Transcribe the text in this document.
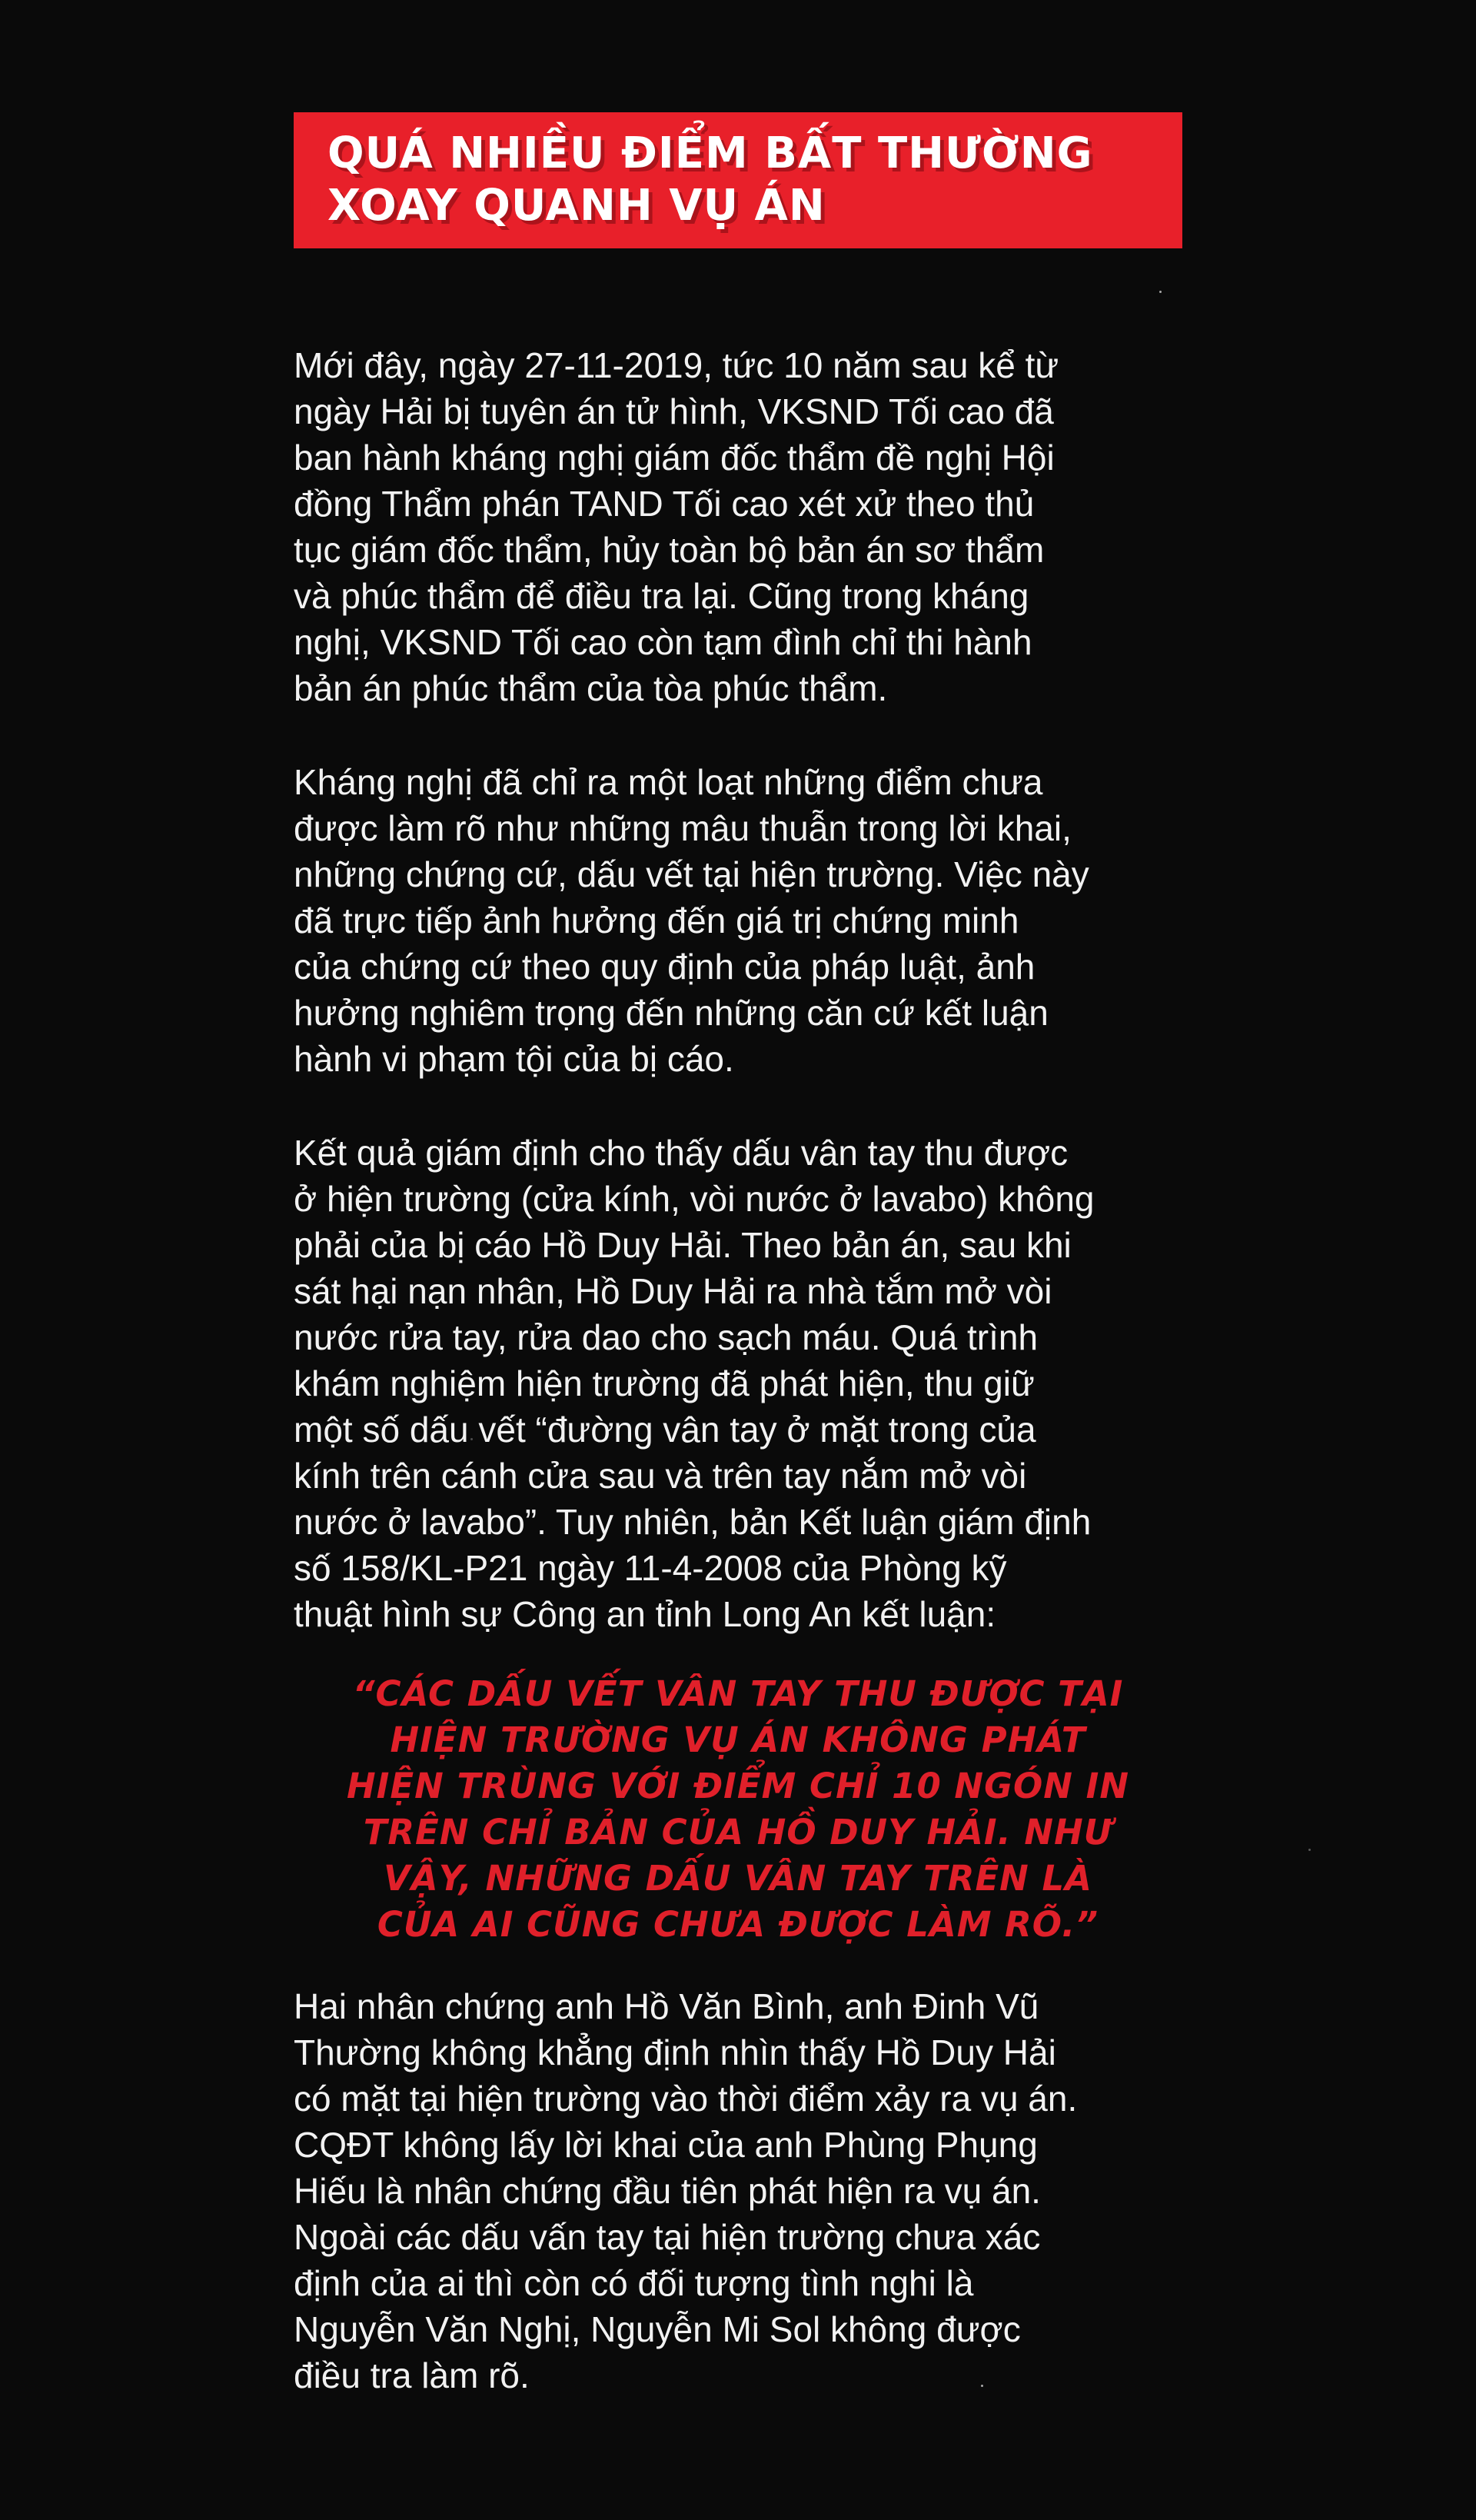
QUÁ NHIỀU ĐIỂM BẤT THƯỜNG
XOAY QUANH VỤ ÁN

Mới đây, ngày 27-11-2019, tức 10 năm sau kể từ
ngày Hải bị tuyên án tử hình, VKSND Tối cao đã
ban hành kháng nghị giám đốc thẩm đề nghị Hội
đồng Thẩm phán TAND Tối cao xét xử theo thủ
tục giám đốc thẩm, hủy toàn bộ bản án sơ thẩm
và phúc thẩm để điều tra lại. Cũng trong kháng
nghị, VKSND Tối cao còn tạm đình chỉ thi hành
bản án phúc thẩm của tòa phúc thẩm.

Kháng nghị đã chỉ ra một loạt những điểm chưa
được làm rõ như những mâu thuẫn trong lời khai,
những chứng cứ, dấu vết tại hiện trường. Việc này
đã trực tiếp ảnh hưởng đến giá trị chứng minh
của chứng cứ theo quy định của pháp luật, ảnh
hưởng nghiêm trọng đến những căn cứ kết luận
hành vi phạm tội của bị cáo.

Kết quả giám định cho thấy dấu vân tay thu được
ở hiện trường (cửa kính, vòi nước ở lavabo) không
phải của bị cáo Hồ Duy Hải. Theo bản án, sau khi
sát hại nạn nhân, Hồ Duy Hải ra nhà tắm mở vòi
nước rửa tay, rửa dao cho sạch máu. Quá trình
khám nghiệm hiện trường đã phát hiện, thu giữ
một số dấu vết “đường vân tay ở mặt trong của
kính trên cánh cửa sau và trên tay nắm mở vòi
nước ở lavabo”. Tuy nhiên, bản Kết luận giám định
số 158/KL-P21 ngày 11-4-2008 của Phòng kỹ
thuật hình sự Công an tỉnh Long An kết luận:

“CÁC DẤU VẾT VÂN TAY THU ĐƯỢC TẠI
HIỆN TRƯỜNG VỤ ÁN KHÔNG PHÁT
HIỆN TRÙNG VỚI ĐIỂM CHỈ 10 NGÓN IN
TRÊN CHỈ BẢN CỦA HỒ DUY HẢI. NHƯ
VẬY, NHỮNG DẤU VÂN TAY TRÊN LÀ
CỦA AI CŨNG CHƯA ĐƯỢC LÀM RÕ.”

Hai nhân chứng anh Hồ Văn Bình, anh Đinh Vũ
Thường không khẳng định nhìn thấy Hồ Duy Hải
có mặt tại hiện trường vào thời điểm xảy ra vụ án.
CQĐT không lấy lời khai của anh Phùng Phụng
Hiếu là nhân chứng đầu tiên phát hiện ra vụ án.
Ngoài các dấu vấn tay tại hiện trường chưa xác
định của ai thì còn có đối tượng tình nghi là
Nguyễn Văn Nghị, Nguyễn Mi Sol không được
điều tra làm rõ.
